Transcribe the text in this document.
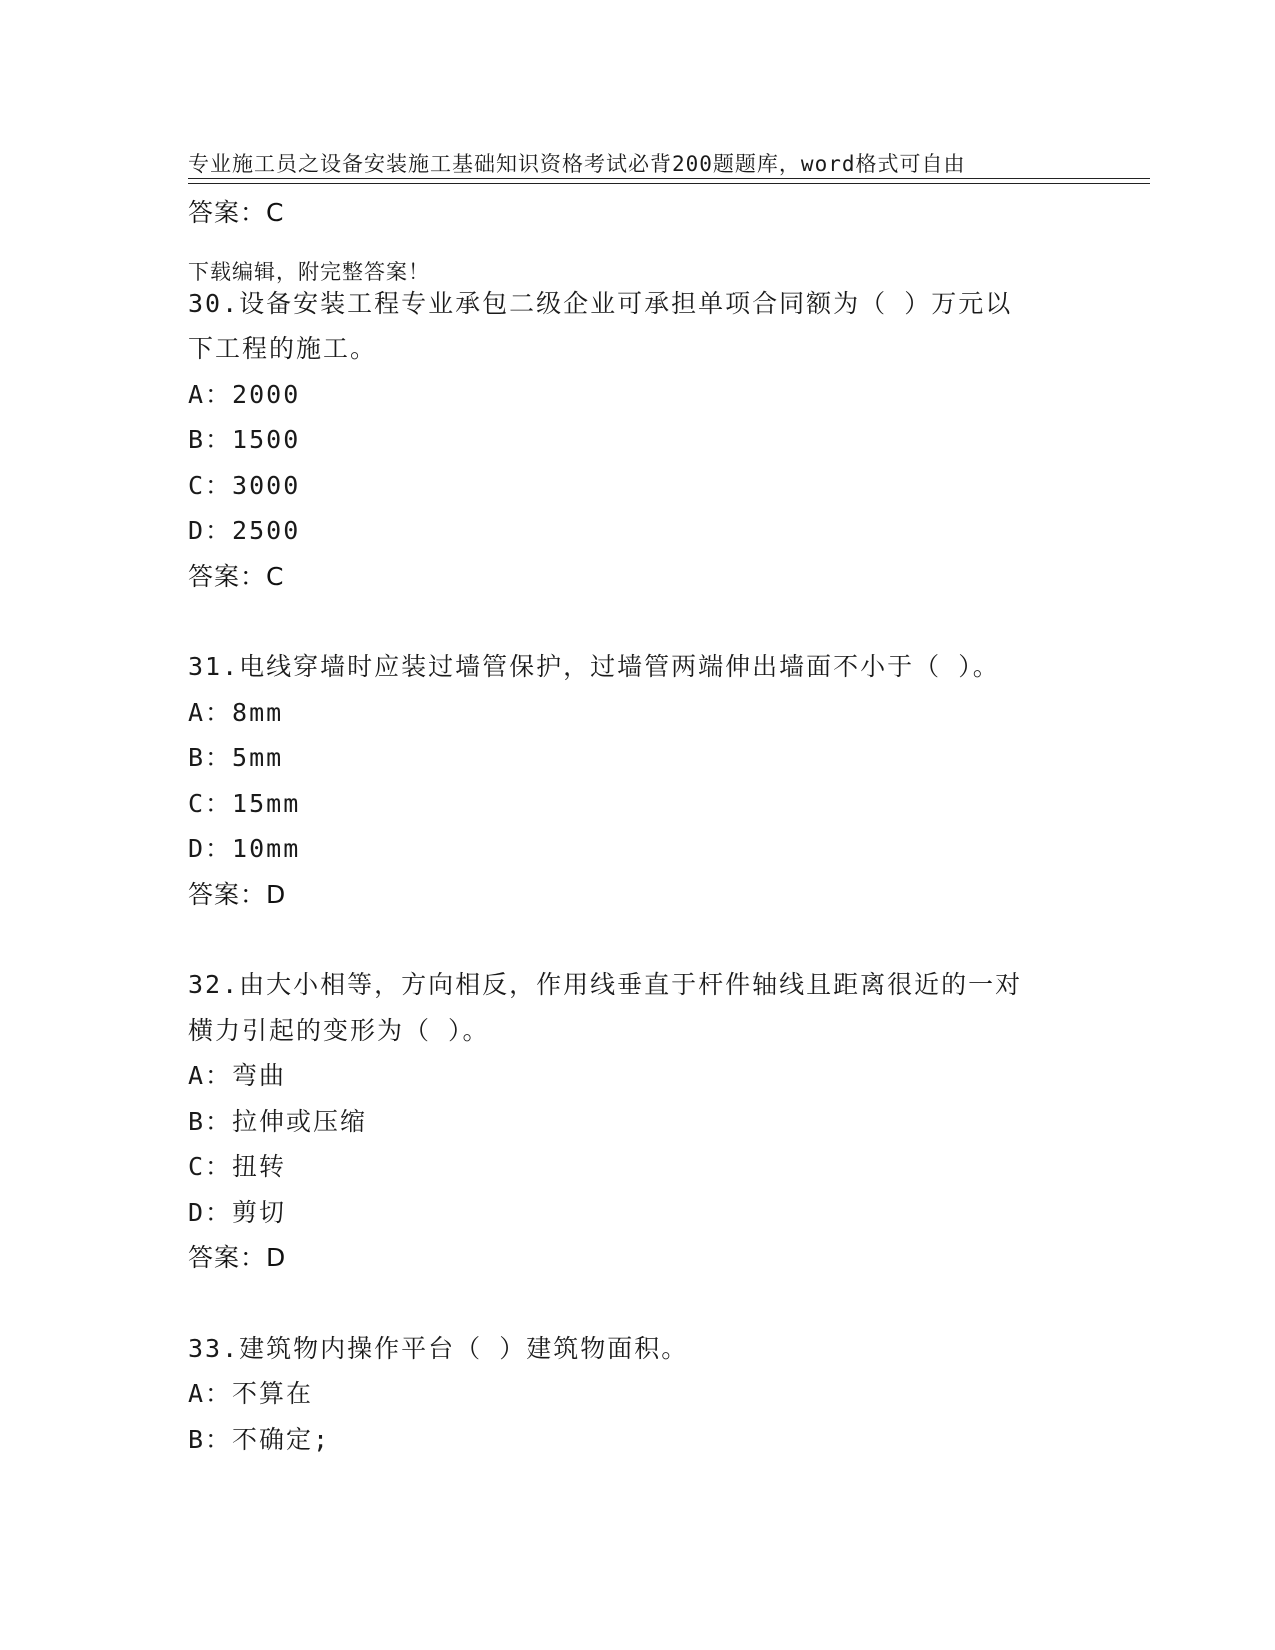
专业施工员之设备安装施工基础知识资格考试必背200题题库，word格式可自由

下载编辑，附完整答案！

答案：C
30.设备安装工程专业承包二级企业可承担单项合同额为（ ）万元以
下工程的施工。
A：2000
B：1500
C：3000
D：2500
答案：C
31.电线穿墙时应装过墙管保护，过墙管两端伸出墙面不小于（ ）。
A：8mm
B：5mm
C：15mm
D：10mm
答案：D
32.由大小相等，方向相反，作用线垂直于杆件轴线且距离很近的一对
横力引起的变形为（ ）。
A：弯曲
B：拉伸或压缩
C：扭转
D：剪切
答案：D
33.建筑物内操作平台（ ）建筑物面积。
A：不算在
B：不确定;
